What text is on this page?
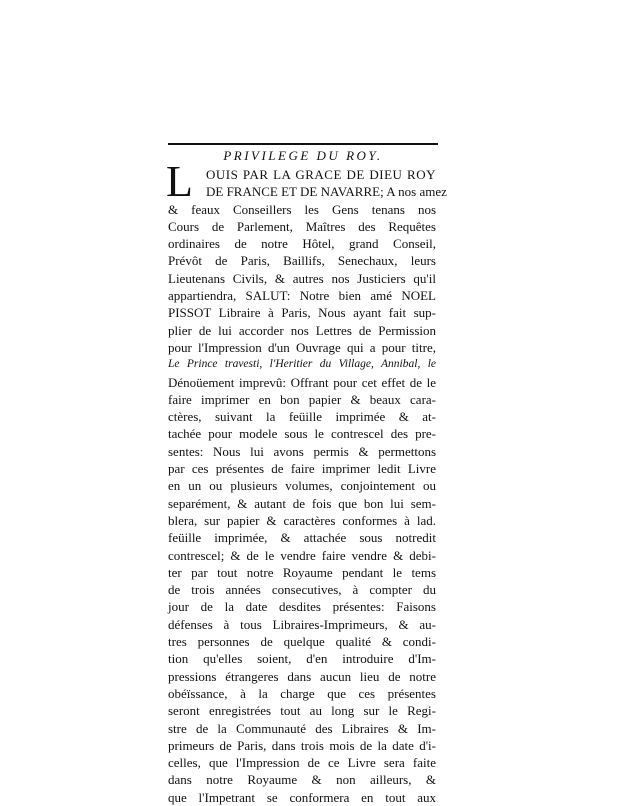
PRIVILEGE DU ROY.
L	OUIS PAR LA GRACE DE DIEU ROY
DE FRANCE ET DE NAVARRE; A nos amez
& feaux Conseillers les Gens tenans nos
Cours de Parlement, Maîtres des Requêtes
ordinaires de notre Hôtel, grand Conseil,
Prévôt de Paris, Baillifs, Senechaux, leurs
Lieutenans Civils, & autres nos Justiciers qu'il
appartiendra, SALUT: Notre bien amé NOEL
PISSOT Libraire à Paris, Nous ayant fait sup-
plier de lui accorder nos Lettres de Permission
pour l'Impression d'un Ouvrage qui a pour titre,
Le Prince travesti, l'Heritier du Village, Annibal, le
Dénoüement imprevû: Offrant pour cet effet de le
faire imprimer en bon papier & beaux cara-
ctères, suivant la feüille imprimée & at-
tachée pour modele sous le contrescel des pre-
sentes: Nous lui avons permis & permettons
par ces présentes de faire imprimer ledit Livre
en un ou plusieurs volumes, conjointement ou
separément, & autant de fois que bon lui sem-
blera, sur papier & caractères conformes à lad.
feüille imprimée, & attachée sous notredit
contrescel; & de le vendre faire vendre & debi-
ter par tout notre Royaume pendant le tems
de trois années consecutives, à compter du
jour de la date desdites présentes: Faisons
défenses à tous Libraires-Imprimeurs, & au-
tres personnes de quelque qualité & condi-
tion qu'elles soient, d'en introduire d'Im-
pressions étrangeres dans aucun lieu de notre
obéïssance, à la charge que ces présentes
seront enregistrées tout au long sur le Regi-
stre de la Communauté des Libraires & Im-
primeurs de Paris, dans trois mois de la date d'i-
celles, que l'Impression de ce Livre sera faite
dans notre Royaume & non ailleurs, &
que l'Impetrant se conformera en tout aux
